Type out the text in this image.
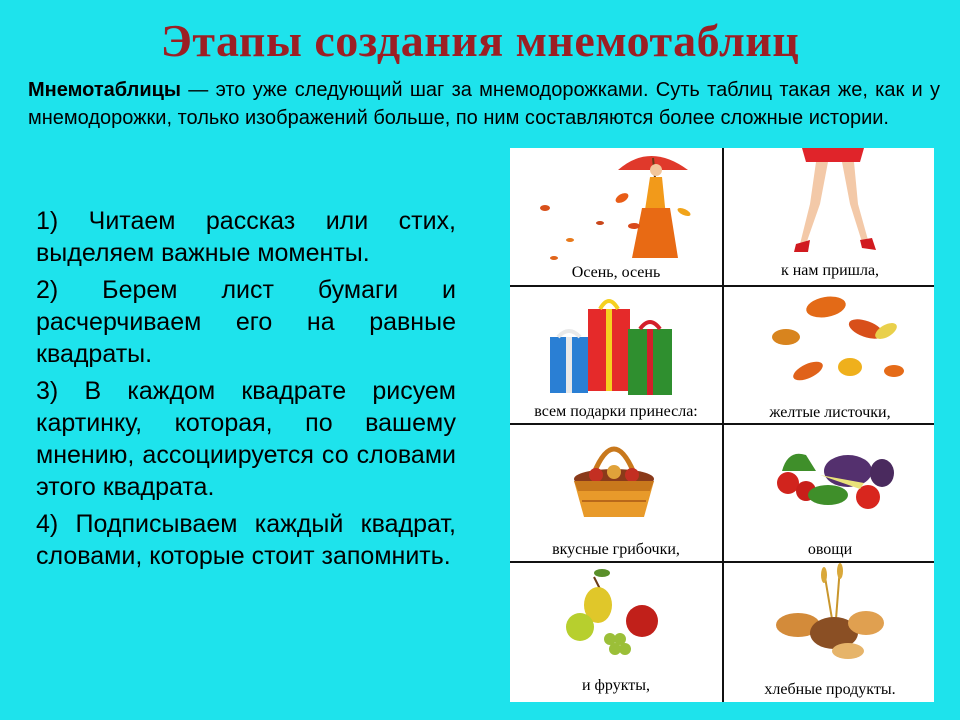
Этапы создания мнемотаблиц
Мнемотаблицы — это уже следующий шаг за мнемодорожками. Суть таблиц такая же, как и у мнемодорожки, только изображений больше, по ним составляются более сложные истории.

1) Читаем рассказ или стих, выделяем важные моменты.

2) Берем лист бумаги и расчерчиваем его на равные квадраты.

3) В каждом квадрате рисуем картинку, которая, по вашему мнению, ассоциируется со словами этого квадрата.

4) Подписываем каждый квадрат, словами, которые стоит запомнить.

Осень, осень	к нам пришла,
всем подарки принесла:	желтые листочки,
вкусные грибочки,	овощи
и фрукты,	хлебные продукты.
